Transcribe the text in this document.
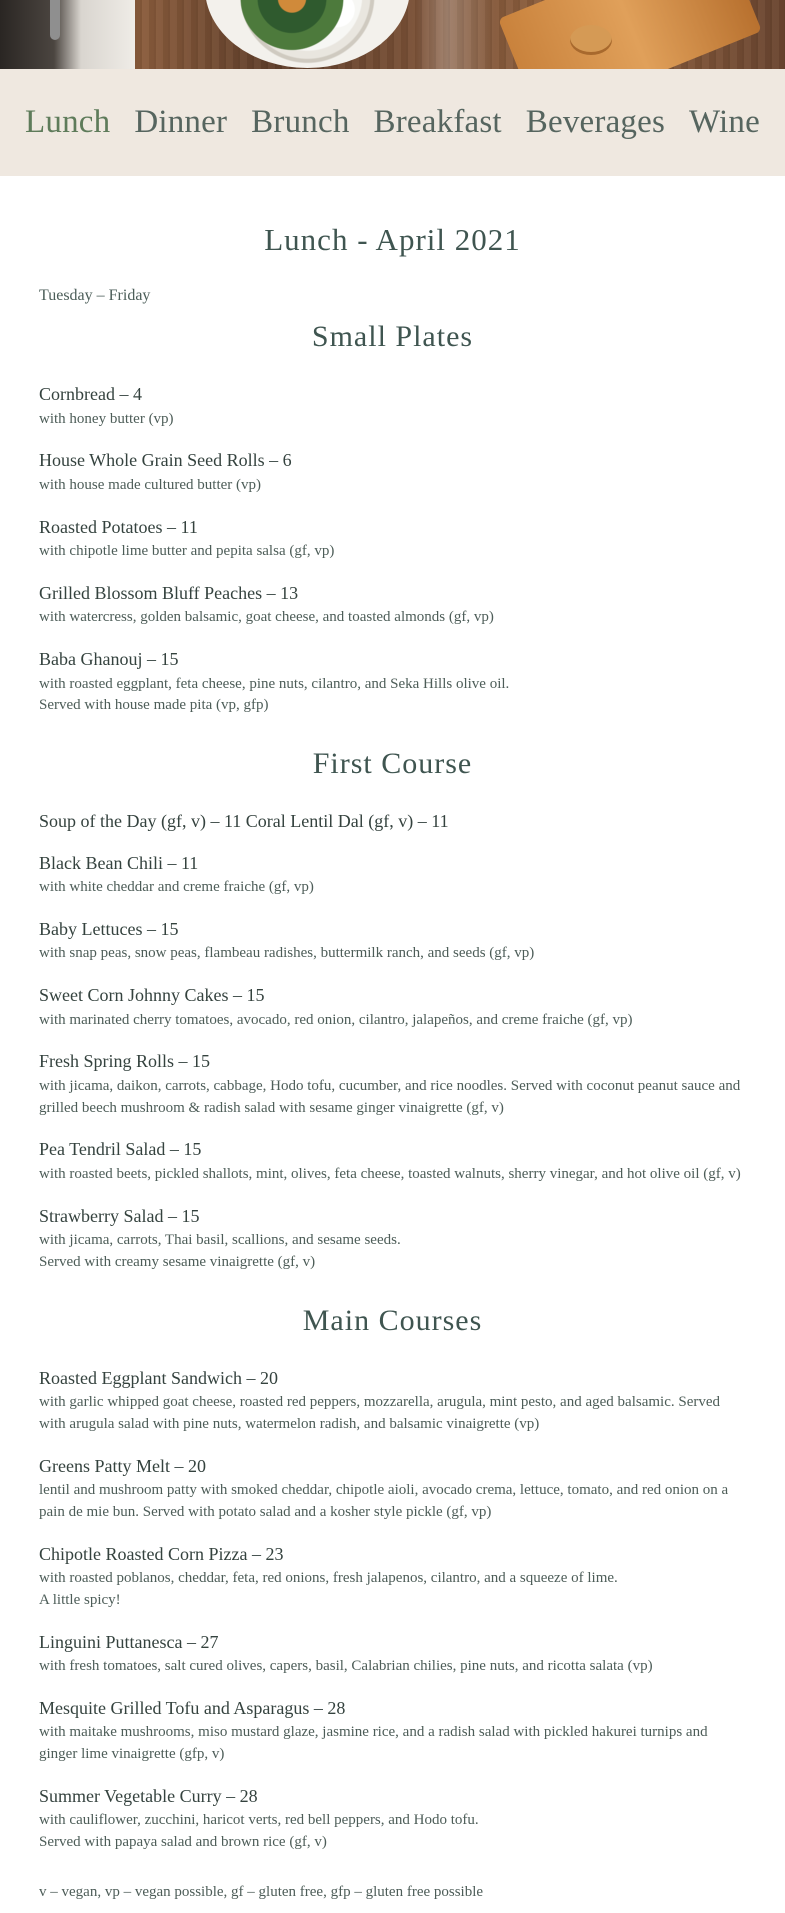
Lunch Dinner Brunch Breakfast Beverages Wine
Lunch - April 2021
Tuesday – Friday
Small Plates
Cornbread – 4
with honey butter (vp)
House Whole Grain Seed Rolls – 6
with house made cultured butter (vp)
Roasted Potatoes – 11
with chipotle lime butter and pepita salsa (gf, vp)
Grilled Blossom Bluff Peaches – 13
with watercress, golden balsamic, goat cheese, and toasted almonds (gf, vp)
Baba Ghanouj – 15
with roasted eggplant, feta cheese, pine nuts, cilantro, and Seka Hills olive oil.
Served with house made pita (vp, gfp)
First Course
Soup of the Day (gf, v) – 11 Coral Lentil Dal (gf, v) – 11
Black Bean Chili – 11
with white cheddar and creme fraiche (gf, vp)
Baby Lettuces – 15
with snap peas, snow peas, flambeau radishes, buttermilk ranch, and seeds (gf, vp)
Sweet Corn Johnny Cakes – 15
with marinated cherry tomatoes, avocado, red onion, cilantro, jalapeños, and creme fraiche (gf, vp)
Fresh Spring Rolls – 15
with jicama, daikon, carrots, cabbage, Hodo tofu, cucumber, and rice noodles. Served with coconut peanut sauce and grilled beech mushroom & radish salad with sesame ginger vinaigrette (gf, v)
Pea Tendril Salad – 15
with roasted beets, pickled shallots, mint, olives, feta cheese, toasted walnuts, sherry vinegar, and hot olive oil (gf, v)
Strawberry Salad – 15
with jicama, carrots, Thai basil, scallions, and sesame seeds.
Served with creamy sesame vinaigrette (gf, v)
Main Courses
Roasted Eggplant Sandwich – 20
with garlic whipped goat cheese, roasted red peppers, mozzarella, arugula, mint pesto, and aged balsamic. Served with arugula salad with pine nuts, watermelon radish, and balsamic vinaigrette (vp)
Greens Patty Melt – 20
lentil and mushroom patty with smoked cheddar, chipotle aioli, avocado crema, lettuce, tomato, and red onion on a pain de mie bun. Served with potato salad and a kosher style pickle (gf, vp)
Chipotle Roasted Corn Pizza – 23
with roasted poblanos, cheddar, feta, red onions, fresh jalapenos, cilantro, and a squeeze of lime.
A little spicy!
Linguini Puttanesca – 27
with fresh tomatoes, salt cured olives, capers, basil, Calabrian chilies, pine nuts, and ricotta salata (vp)
Mesquite Grilled Tofu and Asparagus – 28
with maitake mushrooms, miso mustard glaze, jasmine rice, and a radish salad with pickled hakurei turnips and ginger lime vinaigrette (gfp, v)
Summer Vegetable Curry – 28
with cauliflower, zucchini, haricot verts, red bell peppers, and Hodo tofu.
Served with papaya salad and brown rice (gf, v)
v – vegan, vp – vegan possible, gf – gluten free, gfp – gluten free possible
